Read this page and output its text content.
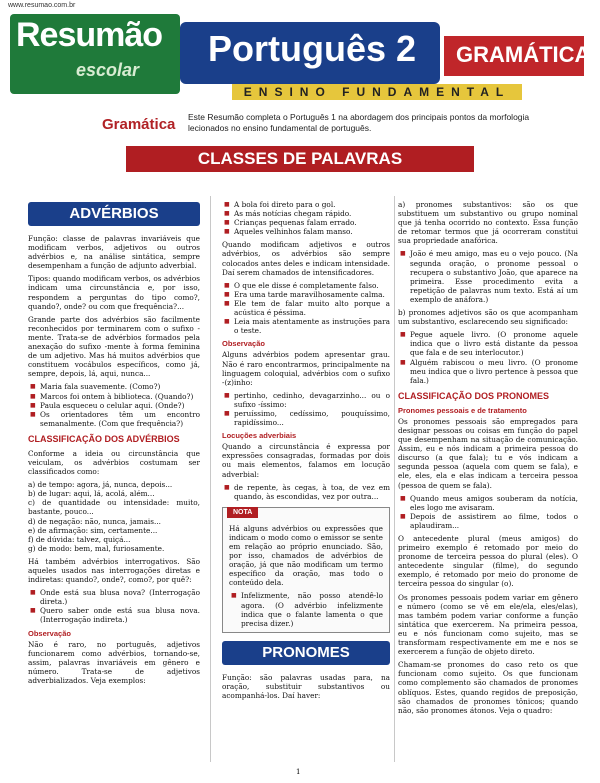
www.resumao.com.br
Resumão
escolar
Português 2 GRAMÁTICA
ENSINO FUNDAMENTAL
Gramática Este Resumão completa o Português 1 na abordagem dos principais pontos da morfologia lecionados no ensino fundamental de português.
CLASSES DE PALAVRAS
ADVÉRBIOS

Função: classe de palavras invariáveis que modificam verbos, adjetivos ou outros advérbios e, na análise sintática, sempre desempenham a função de adjunto adverbial.

Tipos: quando modificam verbos, os advérbios indicam uma circunstância e, por isso, respondem a perguntas do tipo como?, quando?, onde? ou com que frequência?...

Grande parte dos advérbios são facilmente reconhecidos por terminarem com o sufixo -mente. Trata-se de advérbios formados pela anexação do sufixo -mente à forma feminina de um adjetivo. Mas há muitos advérbios que constituem vocábulos específicos, como já, sempre, depois, lá, aqui, nunca...

■ Maria fala suavemente. (Como?)
■ Marcos foi ontem à biblioteca. (Quando?)
■ Paula esqueceu o celular aqui. (Onde?)
■ Os orientadores têm um encontro semanalmente. (Com que frequência?)
CLASSIFICAÇÃO DOS ADVÉRBIOS

Conforme a ideia ou circunstância que veiculam, os advérbios costumam ser classificados como:

a) de tempo: agora, já, nunca, depois...
b) de lugar: aqui, lá, acolá, além...
c) de quantidade ou intensidade: muito, bastante, pouco...
d) de negação: não, nunca, jamais...
e) de afirmação: sim, certamente...
f) de dúvida: talvez, quiçá...
g) de modo: bem, mal, furiosamente.

Há também advérbios interrogativos. São aqueles usados nas interrogações diretas e indiretas: quando?, onde?, como?, por quê?:

■ Onde está sua blusa nova? (Interrogação direta.)
■ Quero saber onde está sua blusa nova. (Interrogação indireta.)
Observação

Não é raro, no português, adjetivos funcionarem como advérbios, tornando-se, assim, palavras invariáveis em gênero e número. Trata-se de adjetivos adverbializados. Veja exemplos:

■ A bola foi direto para o gol.
■ As más notícias chegam rápido.
■ Crianças pequenas falam errado.
■ Aqueles velhinhos falam manso.

Quando modificam adjetivos e outros advérbios, os advérbios são sempre colocados antes deles e indicam intensidade. Daí serem chamados de intensificadores.

■ O que ele disse é completamente falso.
■ Era uma tarde maravilhosamente calma.
■ Ele tem de falar muito alto porque a acústica é péssima.
■ Leia mais atentamente as instruções para o teste.
Observação

Alguns advérbios podem apresentar grau. Não é raro encontrarmos, principalmente na linguagem coloquial, advérbios com o sufixo -(z)inho:

■ pertinho, cedinho, devagarzinho... ou o sufixo -íssimo:
■ peruíssimo, cedíssimo, pouquíssimo, rapidíssimo...
Locuções adverbiais

Quando a circunstância é expressa por expressões consagradas, formadas por dois ou mais elementos, falamos em locução adverbial:

■ de repente, às cegas, à toa, de vez em quando, às escondidas, vez por outra...
NOTA

Há alguns advérbios ou expressões que indicam o modo como o emissor se sente em relação ao próprio enunciado. São, por isso, chamados de advérbios de oração, já que não modificam um termo específico da oração, mas todo o conteúdo dela.

■ Infelizmente, não posso atendê-lo agora. (O advérbio infelizmente indica que o falante lamenta o que precisa dizer.)
PRONOMES

Função: são palavras usadas para, na oração, substituir substantivos ou acompanhá-los. Daí haver:

a) pronomes substantivos: são os que substituem um substantivo ou grupo nominal que já tenha ocorrido no contexto. Essa função de retomar termos que já ocorreram constitui sua propriedade anafórica.

■ João é meu amigo, mas eu o vejo pouco. (Na segunda oração, o pronome pessoal o recupera o substantivo João, que aparece na primeira. Esse procedimento evita a repetição de palavras num texto. Está aí um exemplo de anáfora.)

b) pronomes adjetivos são os que acompanham um substantivo, esclarecendo seu significado:

■ Pegue aquele livro. (O pronome aquele indica que o livro está distante da pessoa que fala e de seu interlocutor.)
■ Alguém rabiscou o meu livro. (O pronome meu indica que o livro pertence à pessoa que fala.)
CLASSIFICAÇÃO DOS PRONOMES
Pronomes pessoais e de tratamento

Os pronomes pessoais são empregados para designar pessoas ou coisas em função do papel que desempenham na situação de comunicação. Assim, eu e nós indicam a primeira pessoa do discurso (a que fala); tu e vós indicam a segunda pessoa (aquela com quem se fala), e ele, eles, ela e elas indicam a terceira pessoa (pessoa de quem se fala).

■ Quando meus amigos souberam da notícia, eles logo me avisaram.
■ Depois de assistirem ao filme, todos o aplaudiram...

O antecedente plural (meus amigos) do primeiro exemplo é retomado por meio do pronome de terceira pessoa do plural (eles). O antecedente singular (filme), do segundo exemplo, é retomado por meio do pronome de terceira pessoa do singular (o).

Os pronomes pessoais podem variar em gênero e número (como se vê em ele/ela, eles/elas), mas também podem variar conforme a função sintática que exercerem. Na primeira pessoa, eu e nós funcionam como sujeito, mas se transformam respectivamente em me e nos se exercerem a função de objeto direto.

Chamam-se pronomes do caso reto os que funcionam como sujeito. Os que funcionam como complemento são chamados de pronomes oblíquos. Estes, quando regidos de preposição, são chamados de pronomes tônicos; quando não, são pronomes átonos. Veja o quadro:

1
